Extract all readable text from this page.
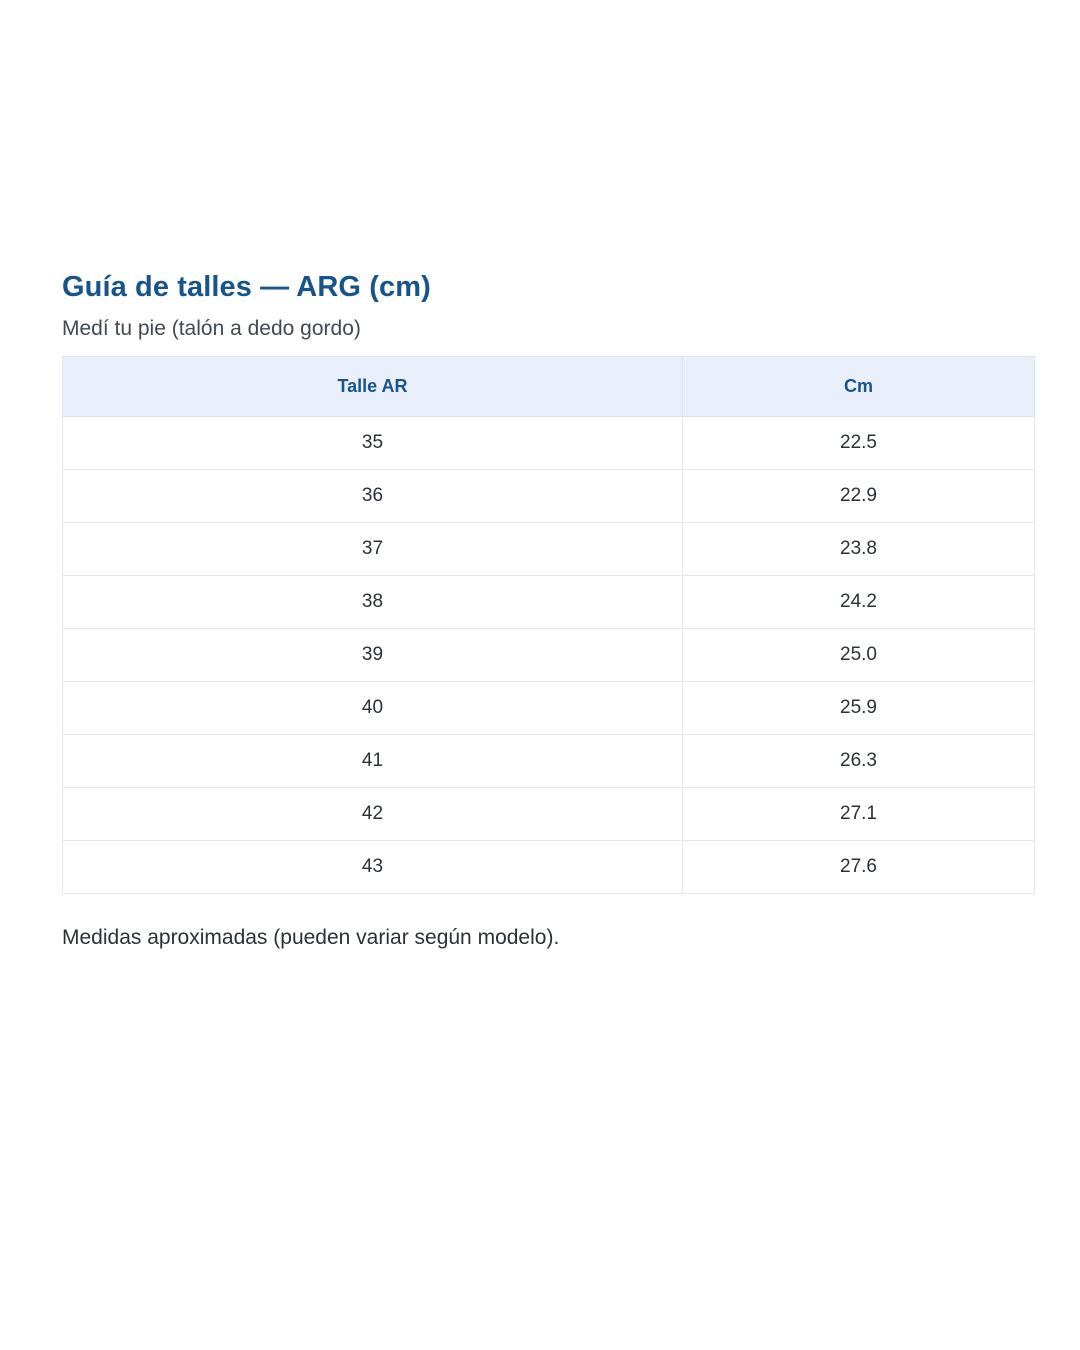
Guía de talles — ARG (cm)

Medí tu pie (talón a dedo gordo)

Talle AR	Cm
35	22.5
36	22.9
37	23.8
38	24.2
39	25.0
40	25.9
41	26.3
42	27.1
43	27.6

Medidas aproximadas (pueden variar según modelo).
